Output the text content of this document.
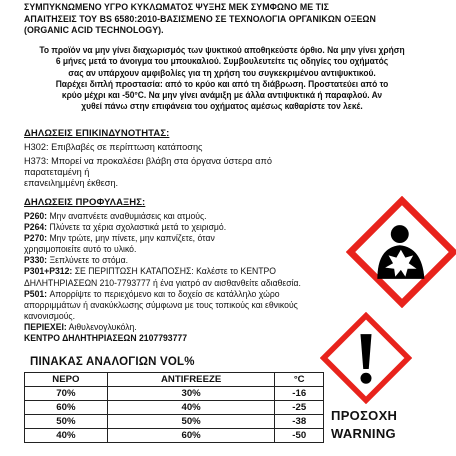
ΣΥΜΠΥΚΝΩΜΕΝΟ ΥΓΡΟ ΚΥΚΛΩΜΑΤΟΣ ΨΥΞΗΣ ΜΕΚ ΣΥΜΦΩΝΟ ΜΕ ΤΙΣ
ΑΠΑΙΤΗΣΕΙΣ ΤΟΥ BS 6580:2010-ΒΑΣΙΣΜΕΝΟ ΣΕ ΤΕΧΝΟΛΟΓΙΑ ΟΡΓΑΝΙΚΩΝ ΟΞΕΩΝ
(ORGANIC ACID TECHNOLOGY).
Το προϊόν να μην γίνει διαχωρισμός των ψυκτικού αποθηκεύστε όρθιο. Να μην γίνει χρήση
6 μήνες μετά το άνοιγμα του μπουκαλιού. Συμβουλευτείτε τις οδηγίες του οχήματός
σας αν υπάρχουν αμφιβολίες για τη χρήση του συγκεκριμένου αντιψυκτικού.
Παρέχει διπλή προστασία: από το κρύο και από τη διάβρωση. Προστατεύει από το
κρύο μέχρι και -50°C. Να μην γίνει ανάμιξη με άλλα αντιψυκτικά ή παραφλού. Αν
χυθεί πάνω στην επιφάνεια του οχήματος αμέσως καθαρίστε τον λεκέ.
ΔΗΛΩΣΕΙΣ ΕΠΙΚΙΝΔΥΝΟΤΗΤΑΣ:
H302: Επιβλαβές σε περίπτωση κατάποσης
H373: Μπορεί να προκαλέσει βλάβη στα όργανα ύστερα από παρατεταμένη ή
επανειλημμένη έκθεση.
ΔΗΛΩΣΕΙΣ ΠΡΟΦΥΛΑΞΗΣ:
P260: Μην αναπνέετε αναθυμιάσεις και ατμούς.
P264: Πλύνετε τα χέρια σχολαστικά μετά το χειρισμό.
P270: Μην τρώτε, μην πίνετε, μην καπνίζετε, όταν
χρησιμοποιείτε αυτό το υλικό.
P330: Ξεπλύνετε το στόμα.
P301+P312: ΣΕ ΠΕΡΙΠΤΩΣΗ ΚΑΤΑΠΟΣΗΣ: Καλέστε το ΚΕΝΤΡΟ
ΔΗΛΗΤΗΡΙΑΣΕΩΝ 210-7793777 ή ένα γιατρό αν αισθανθείτε αδιαθεσία.
P501: Απορρίψτε το περιεχόμενο και το δοχείο σε κατάλληλο χώρο
απορριμμάτων ή ανακύκλωσης σύμφωνα με τους τοπικούς και εθνικούς
κανονισμούς.
ΠΕΡΙΕΧΕΙ: Αιθυλενογλυκόλη.
ΚΕΝΤΡΟ ΔΗΛΗΤΗΡΙΑΣΕΩΝ 2107793777
ΠΙΝΑΚΑΣ ΑΝΑΛΟΓΙΩΝ VOL%
ΝΕΡΟ	ANTIFREEZE	°C
70%	30%	-16
60%	40%	-25
50%	50%	-38
40%	60%	-50
ΠΡΟΣΟΧΗ
WARNING
